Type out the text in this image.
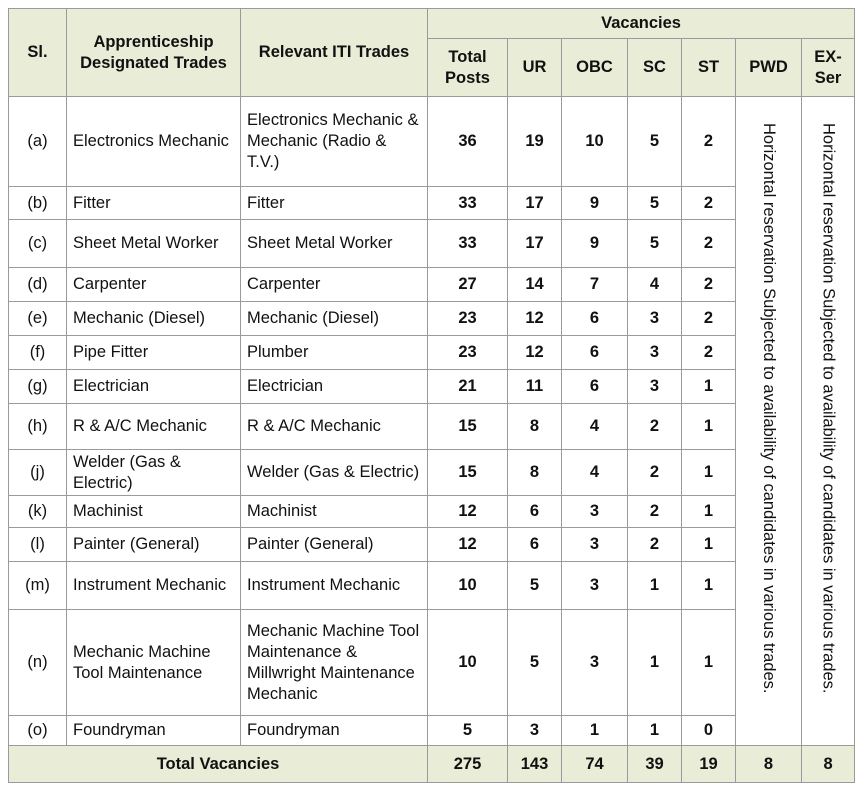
Sl.	Apprenticeship Designated Trades	Relevant ITI Trades	Vacancies						
			Total Posts	UR	OBC	SC	ST	PWD	EX-Ser
(a)	Electronics Mechanic	Electronics Mechanic & Mechanic (Radio & T.V.)	36	19	10	5	2	Horizontal reservation Subjected to availability of candidates in various trades.	Horizontal reservation Subjected to availability of candidates in various trades.
(b)	Fitter	Fitter	33	17	9	5	2		
(c)	Sheet Metal Worker	Sheet Metal Worker	33	17	9	5	2		
(d)	Carpenter	Carpenter	27	14	7	4	2		
(e)	Mechanic (Diesel)	Mechanic (Diesel)	23	12	6	3	2		
(f)	Pipe Fitter	Plumber	23	12	6	3	2		
(g)	Electrician	Electrician	21	11	6	3	1		
(h)	R & A/C Mechanic	R & A/C Mechanic	15	8	4	2	1		
(j)	Welder (Gas & Electric)	Welder (Gas & Electric)	15	8	4	2	1		
(k)	Machinist	Machinist	12	6	3	2	1		
(l)	Painter (General)	Painter (General)	12	6	3	2	1		
(m)	Instrument Mechanic	Instrument Mechanic	10	5	3	1	1		
(n)	Mechanic Machine Tool Maintenance	Mechanic Machine Tool Maintenance & Millwright Maintenance Mechanic	10	5	3	1	1		
(o)	Foundryman	Foundryman	5	3	1	1	0		
Total Vacancies			275	143	74	39	19	8	8
